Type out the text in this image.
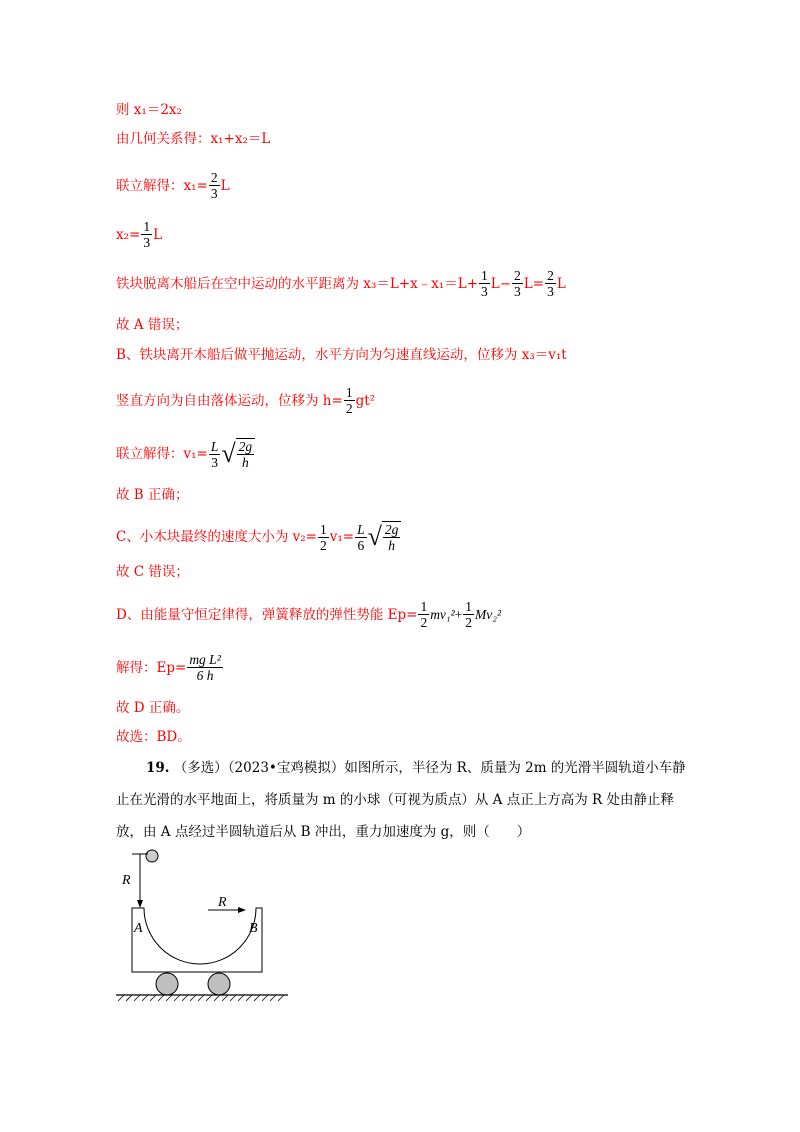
则 x₁＝2x₂
由几何关系得：x₁+x₂＝L
联立解得：$x_1= \frac{2}{3}$ L
$x_2= \frac{1}{3}$ L
铁块脱离木船后在空中运动的水平距离为 x₃＝L+x﹣x₁＝L+ $\frac{1}{3}$ $L - \frac{2}{3}$ $L = \frac{2}{3}$ L
故 A 错误；
B、铁块离开木船后做平抛运动，水平方向为匀速直线运动，位移为 x₃＝v₁t
竖直方向为自由落体运动，位移为 $h= \frac{1}{2} gt^2$
联立解得：$v_1= \frac{L}{3}$ √ $\frac{2g}{h}$
故 B 正确；
C、小木块最终的速度大小为 $v_2= \frac{1}{2} v_1 = \frac{L}{6}$ √ $\frac{2g}{h}$
故 C 错误；
D、由能量守恒定律得，弹簧释放的弹性势能 $Ep= \frac{1}{2} mv_1^2 + \frac{1}{2} Mv_2^2$
解得：$Ep= \frac{\text{mg L²}}{6 h}$
故 D 正确。
故选：BD。
19. （多选）（2023•宝鸡模拟）如图所示，半径为 R、质量为 2m 的光滑半圆轨道小车静止在光滑的水平地面上，将质量为 m 的小球（可视为质点）从 A 点正上方高为 R 处由静止释放，由 A 点经过半圆轨道后从 B 冲出，重力加速度为 g，则（　　）
R
R
A	B
